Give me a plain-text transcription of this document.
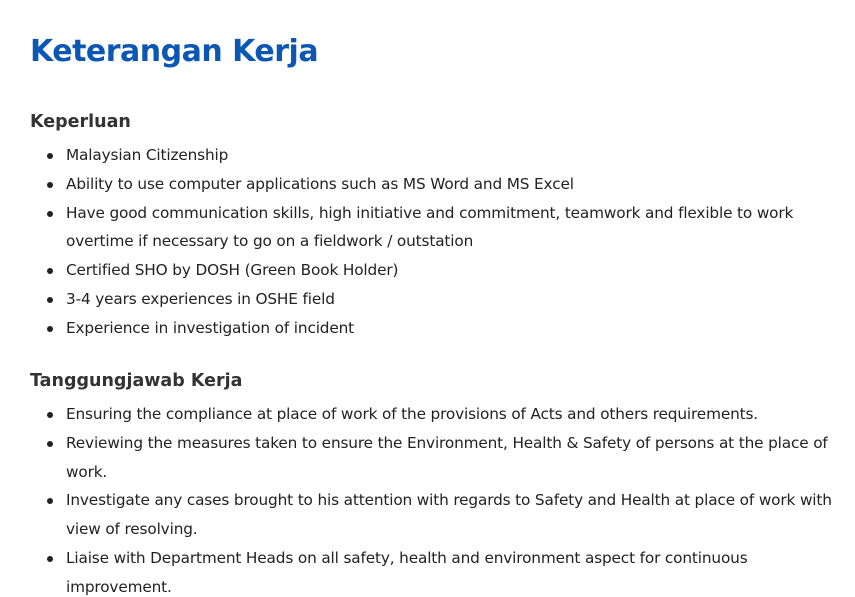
Keterangan Kerja
Keperluan
Malaysian Citizenship
Ability to use computer applications such as MS Word and MS Excel
Have good communication skills, high initiative and commitment, teamwork and flexible to work overtime if necessary to go on a fieldwork / outstation
Certified SHO by DOSH (Green Book Holder)
3-4 years experiences in OSHE field
Experience in investigation of incident
Tanggungjawab Kerja
Ensuring the compliance at place of work of the provisions of Acts and others requirements.
Reviewing the measures taken to ensure the Environment, Health & Safety of persons at the place of work.
Investigate any cases brought to his attention with regards to Safety and Health at place of work with view of resolving.
Liaise with Department Heads on all safety, health and environment aspect for continuous improvement.
